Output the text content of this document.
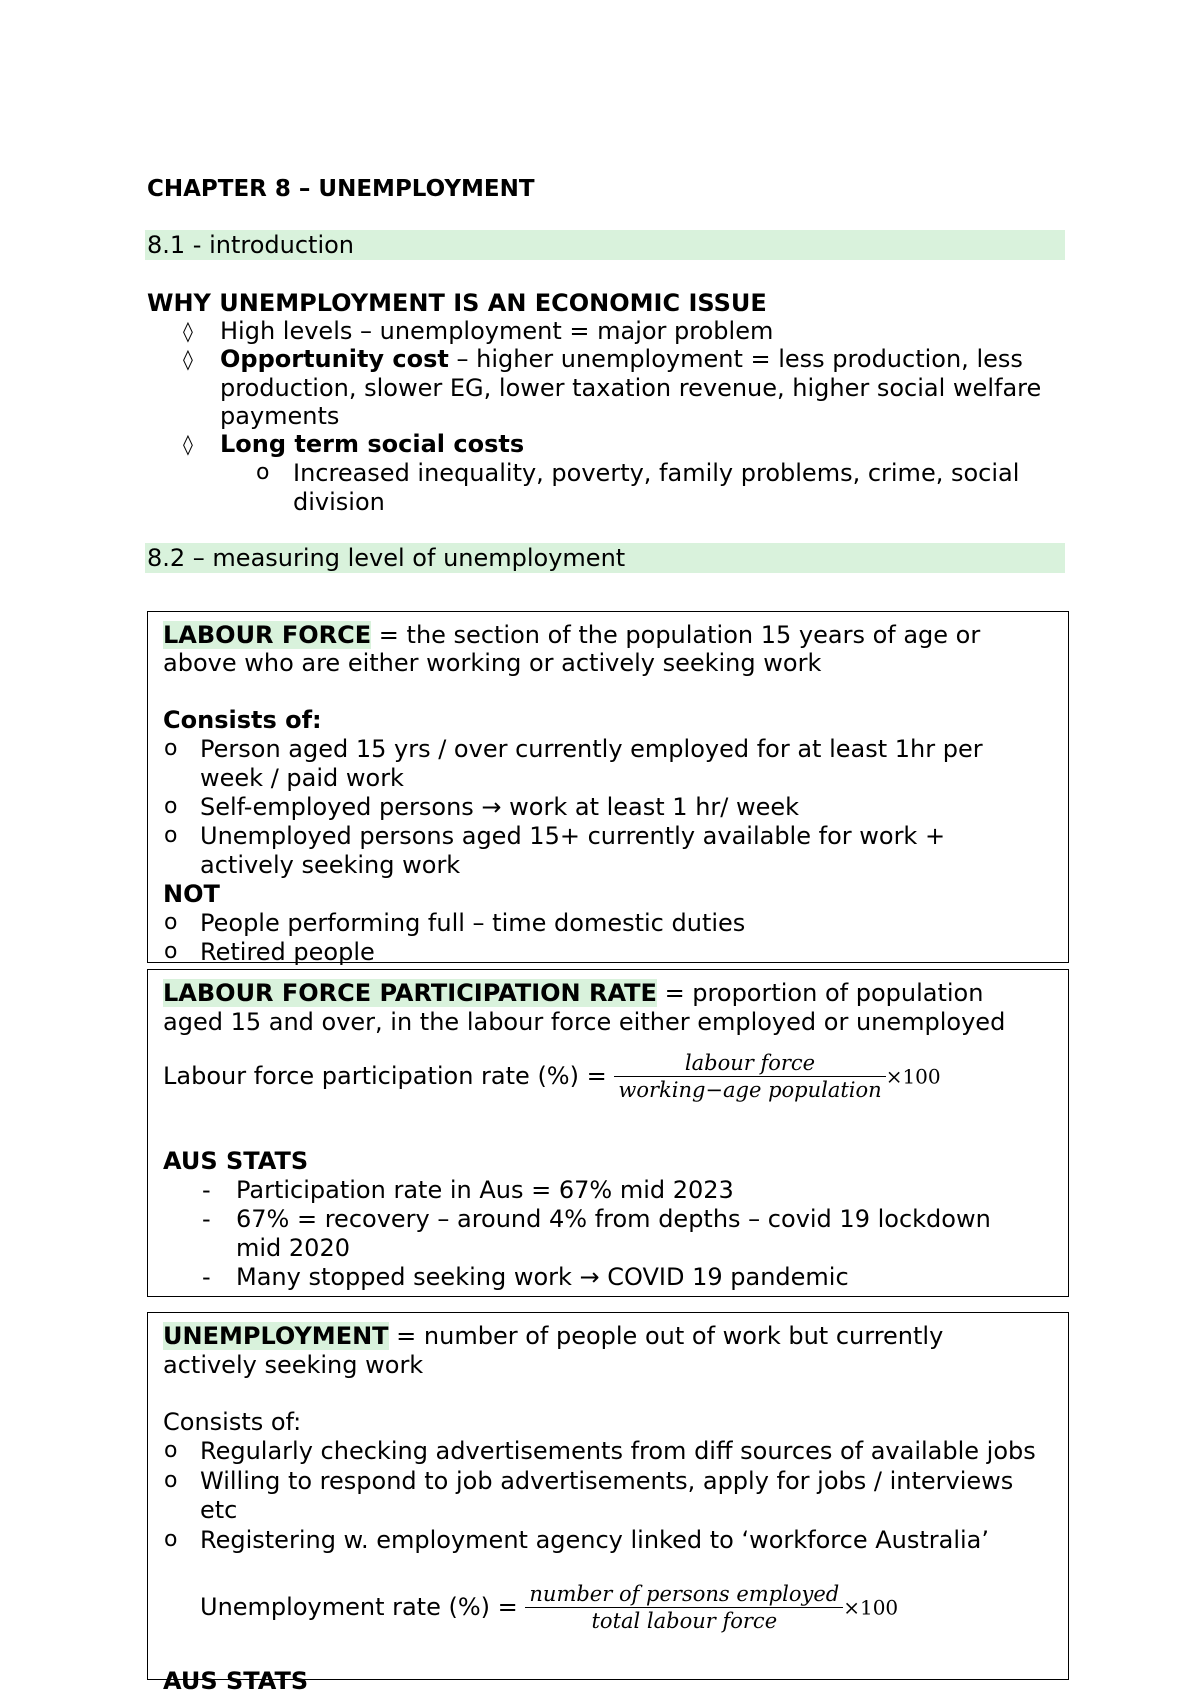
CHAPTER 8 – UNEMPLOYMENT
8.1 - introduction
WHY UNEMPLOYMENT IS AN ECONOMIC ISSUE
◊ High levels – unemployment = major problem
◊ Opportunity cost – higher unemployment = less production, less
production, slower EG, lower taxation revenue, higher social welfare
payments
◊ Long term social costs
o Increased inequality, poverty, family problems, crime, social
division
8.2 – measuring level of unemployment
LABOUR FORCE = the section of the population 15 years of age or
above who are either working or actively seeking work
Consists of:
o Person aged 15 yrs / over currently employed for at least 1hr per
week / paid work
o Self-employed persons → work at least 1 hr/ week
o Unemployed persons aged 15+ currently available for work +
actively seeking work
NOT
o People performing full – time domestic duties
o Retired people
LABOUR FORCE PARTICIPATION RATE = proportion of population
aged 15 and over, in the labour force either employed or unemployed
Labour force participation rate (%) = $\frac{\text{labour force}}{\text{working−age population}} \times 100$
AUS STATS
- Participation rate in Aus = 67% mid 2023
- 67% = recovery – around 4% from depths – covid 19 lockdown
mid 2020
- Many stopped seeking work → COVID 19 pandemic
UNEMPLOYMENT = number of people out of work but currently
actively seeking work
Consists of:
o Regularly checking advertisements from diff sources of available jobs
o Willing to respond to job advertisements, apply for jobs / interviews
etc
o Registering w. employment agency linked to ‘workforce Australia’
Unemployment rate (%) = $\frac{\text{number of persons employed}}{\text{total labour force}} \times 100$
AUS STATS
